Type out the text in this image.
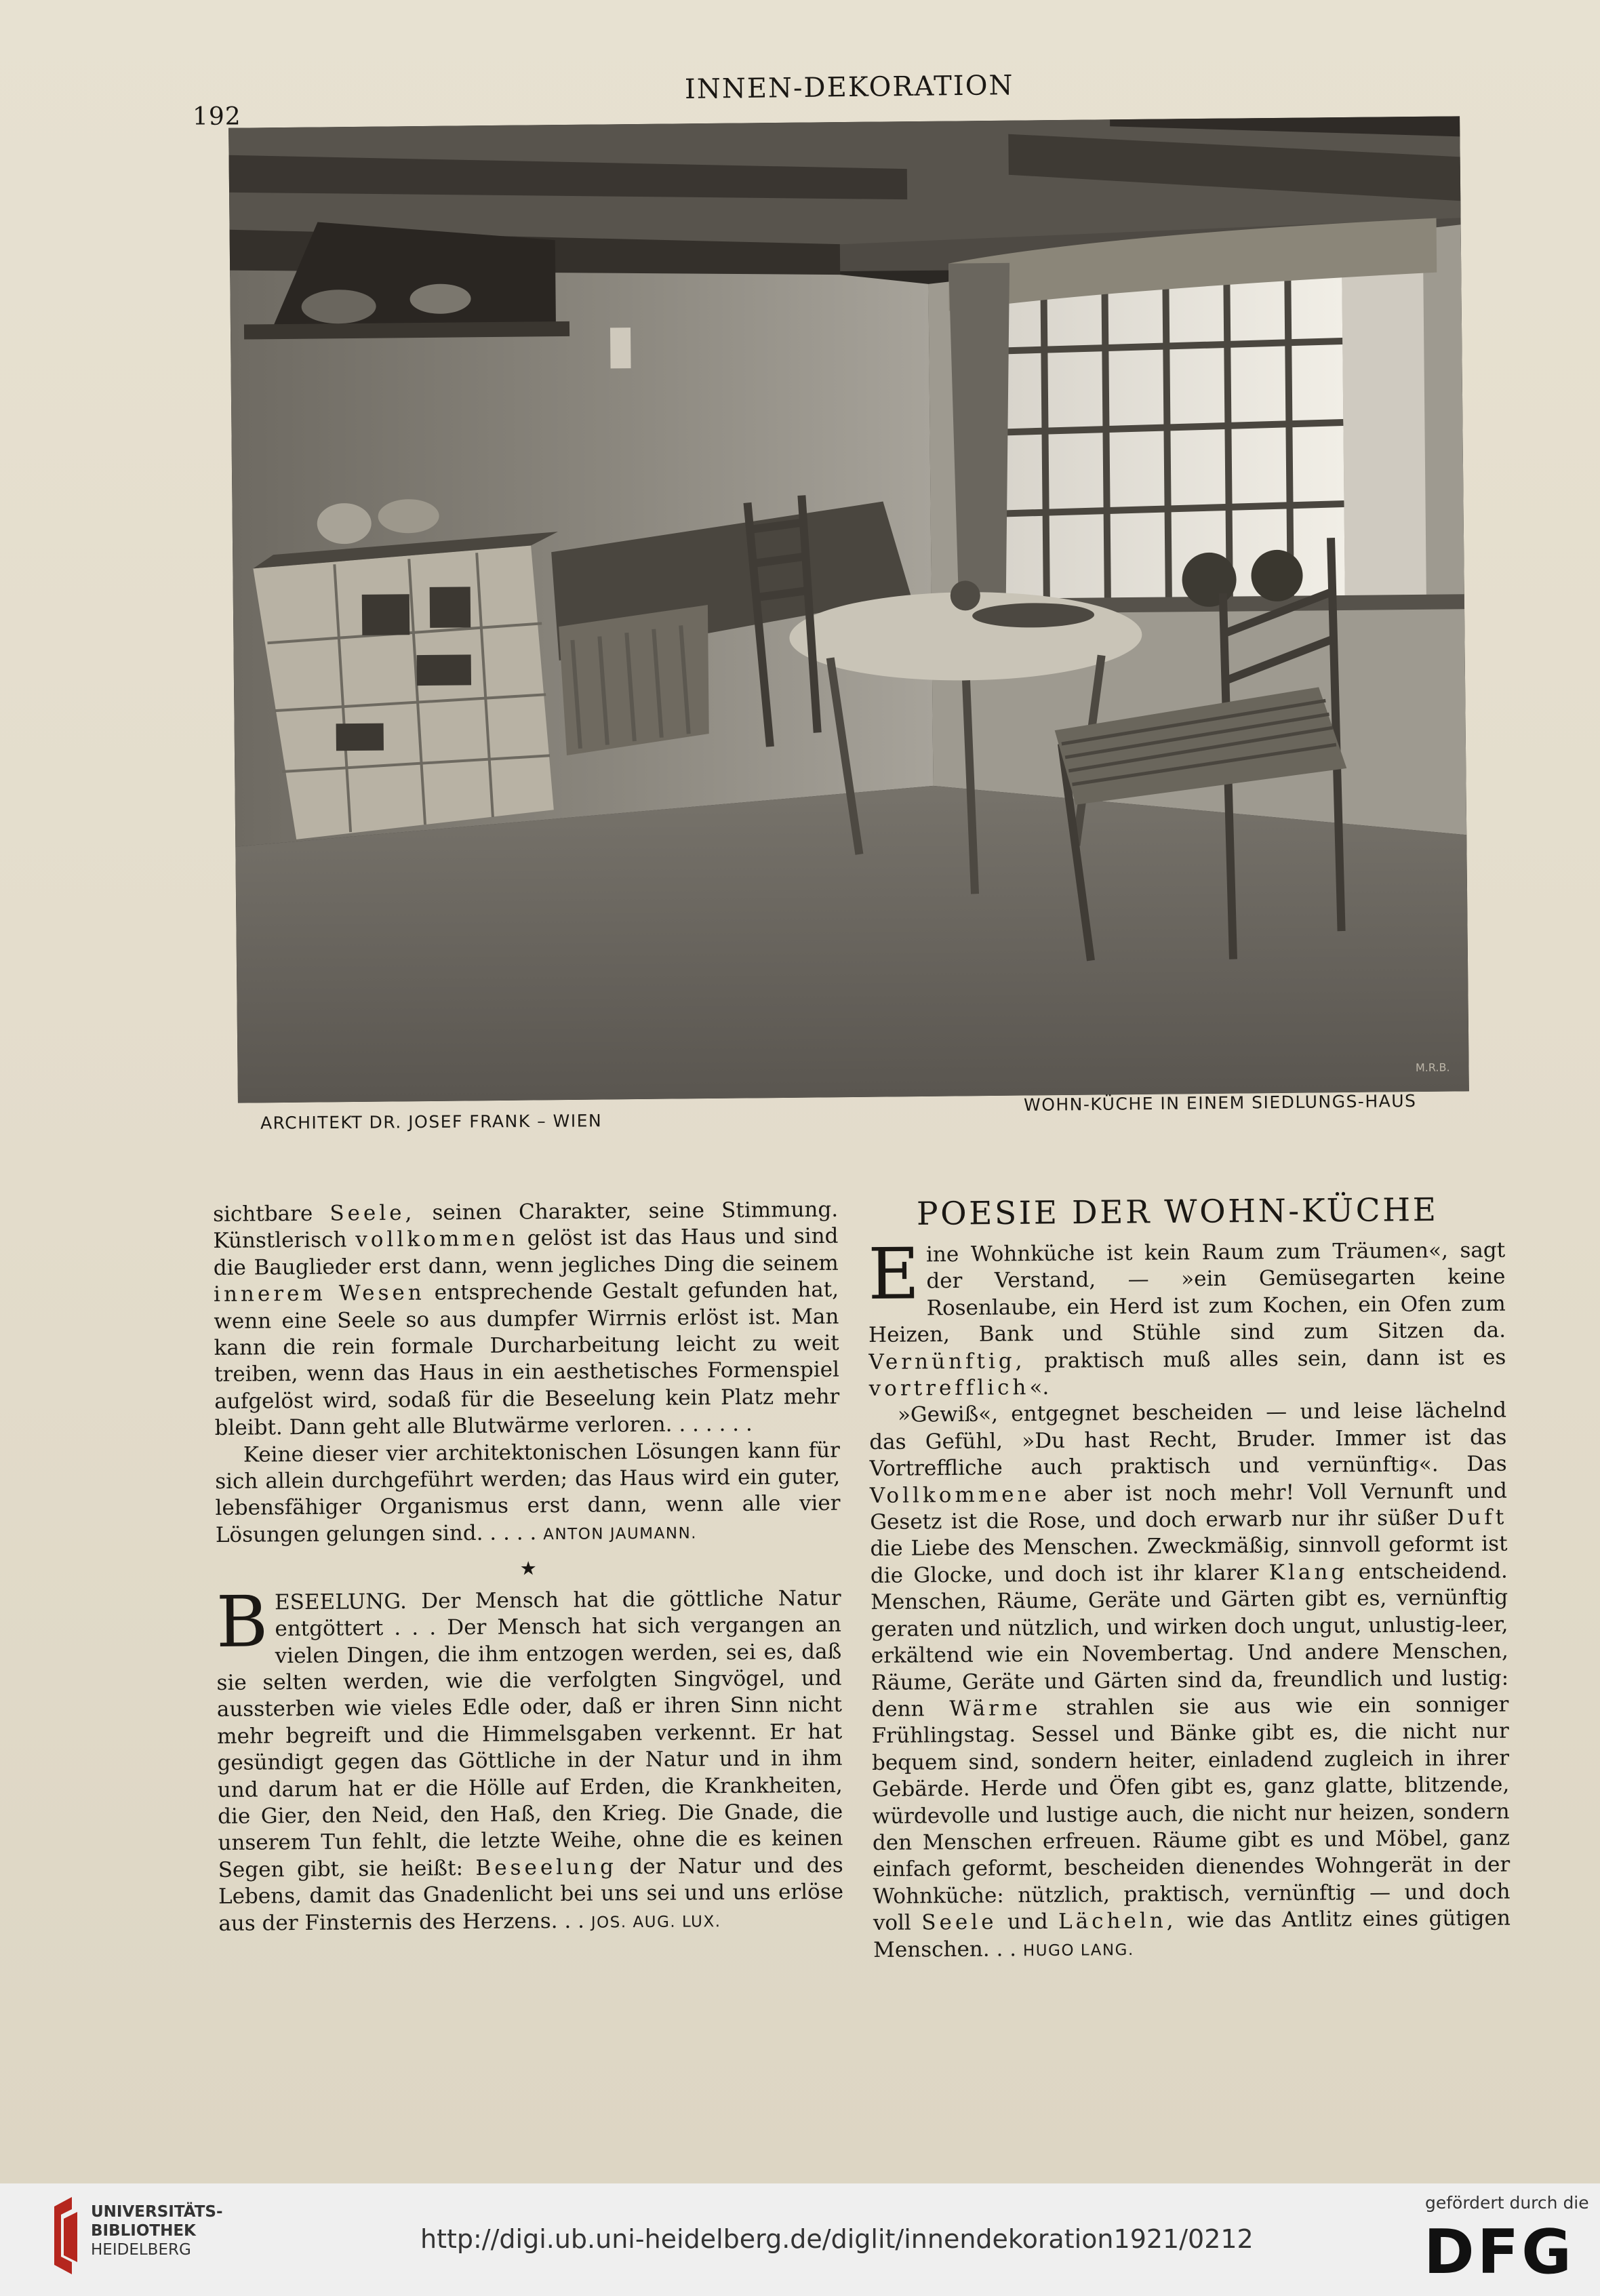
192
INNEN-DEKORATION
M.R.B.
ARCHITEKT DR. JOSEF FRANK – WIEN
WOHN-KÜCHE IN EINEM SIEDLUNGS-HAUS

sichtbare Seele, seinen Charakter, seine Stimmung. Künstlerisch vollkommen gelöst ist das Haus und sind die Bauglieder erst dann, wenn jegliches Ding die seinem innerem Wesen entsprechende Gestalt gefunden hat, wenn eine Seele so aus dumpfer Wirrnis erlöst ist. Man kann die rein formale Durcharbeitung leicht zu weit treiben, wenn das Haus in ein aesthetisches Formenspiel aufgelöst wird, sodaß für die Beseelung kein Platz mehr bleibt. Dann geht alle Blutwärme verloren. . . . . . .

Keine dieser vier architektonischen Lösungen kann für sich allein durchgeführt werden; das Haus wird ein guter, lebensfähiger Organismus erst dann, wenn alle vier Lösungen gelungen sind. . . . . ANTON JAUMANN.

★

BESEELUNG. Der Mensch hat die göttliche Natur entgöttert . . . Der Mensch hat sich vergangen an vielen Dingen, die ihm entzogen werden, sei es, daß sie selten werden, wie die verfolgten Singvögel, und aussterben wie vieles Edle oder, daß er ihren Sinn nicht mehr begreift und die Himmelsgaben verkennt. Er hat gesündigt gegen das Göttliche in der Natur und in ihm und darum hat er die Hölle auf Erden, die Krankheiten, die Gier, den Neid, den Haß, den Krieg. Die Gnade, die unserem Tun fehlt, die letzte Weihe, ohne die es keinen Segen gibt, sie heißt: Beseelung der Natur und des Lebens, damit das Gnadenlicht bei uns sei und uns erlöse aus der Finsternis des Herzens. . . JOS. AUG. LUX.

POESIE DER WOHN-KÜCHE

Eine Wohnküche ist kein Raum zum Träumen«, sagt der Verstand, — »ein Gemüsegarten keine Rosenlaube, ein Herd ist zum Kochen, ein Ofen zum Heizen, Bank und Stühle sind zum Sitzen da. Vernünftig, praktisch muß alles sein, dann ist es vortrefflich«.

»Gewiß«, entgegnet bescheiden — und leise lächelnd das Gefühl, »Du hast Recht, Bruder. Immer ist das Vortreffliche auch praktisch und vernünftig«. Das Vollkommene aber ist noch mehr! Voll Vernunft und Gesetz ist die Rose, und doch erwarb nur ihr süßer Duft die Liebe des Menschen. Zweckmäßig, sinnvoll geformt ist die Glocke, und doch ist ihr klarer Klang entscheidend. Menschen, Räume, Geräte und Gärten gibt es, vernünftig geraten und nützlich, und wirken doch ungut, unlustig-leer, erkältend wie ein Novembertag. Und andere Menschen, Räume, Geräte und Gärten sind da, freundlich und lustig: denn Wärme strahlen sie aus wie ein sonniger Frühlingstag. Sessel und Bänke gibt es, die nicht nur bequem sind, sondern heiter, einladend zugleich in ihrer Gebärde. Herde und Öfen gibt es, ganz glatte, blitzende, würdevolle und lustige auch, die nicht nur heizen, sondern den Menschen erfreuen. Räume gibt es und Möbel, ganz einfach geformt, bescheiden dienendes Wohngerät in der Wohnküche: nützlich, praktisch, vernünftig — und doch voll Seele und Lächeln, wie das Antlitz eines gütigen Menschen. . . HUGO LANG.

UNIVERSITÄTS-
BIBLIOTHEK
HEIDELBERG	http://digi.ub.uni-heidelberg.de/diglit/innendekoration1921/0212
gefördert durch die
DFG
